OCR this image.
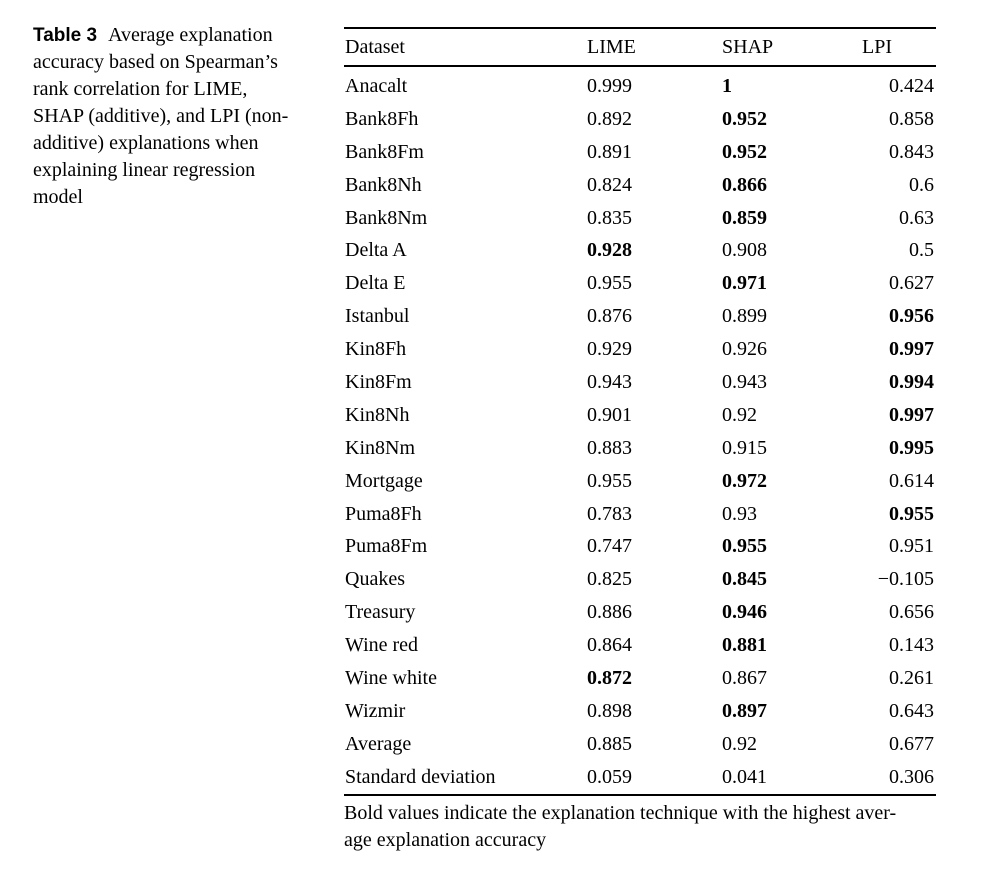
Table 3 Average explanation
accuracy based on Spearman’s
rank correlation for LIME,
SHAP (additive), and LPI (non-
additive) explanations when
explaining linear regression
model
Dataset	LIME	SHAP	LPI
Anacalt	0.999	1	0.424
Bank8Fh	0.892	0.952	0.858
Bank8Fm	0.891	0.952	0.843
Bank8Nh	0.824	0.866	0.6
Bank8Nm	0.835	0.859	0.63
Delta A	0.928	0.908	0.5
Delta E	0.955	0.971	0.627
Istanbul	0.876	0.899	0.956
Kin8Fh	0.929	0.926	0.997
Kin8Fm	0.943	0.943	0.994
Kin8Nh	0.901	0.92	0.997
Kin8Nm	0.883	0.915	0.995
Mortgage	0.955	0.972	0.614
Puma8Fh	0.783	0.93	0.955
Puma8Fm	0.747	0.955	0.951
Quakes	0.825	0.845	−0.105
Treasury	0.886	0.946	0.656
Wine red	0.864	0.881	0.143
Wine white	0.872	0.867	0.261
Wizmir	0.898	0.897	0.643
Average	0.885	0.92	0.677
Standard deviation	0.059	0.041	0.306
Bold values indicate the explanation technique with the highest aver-
age explanation accuracy
